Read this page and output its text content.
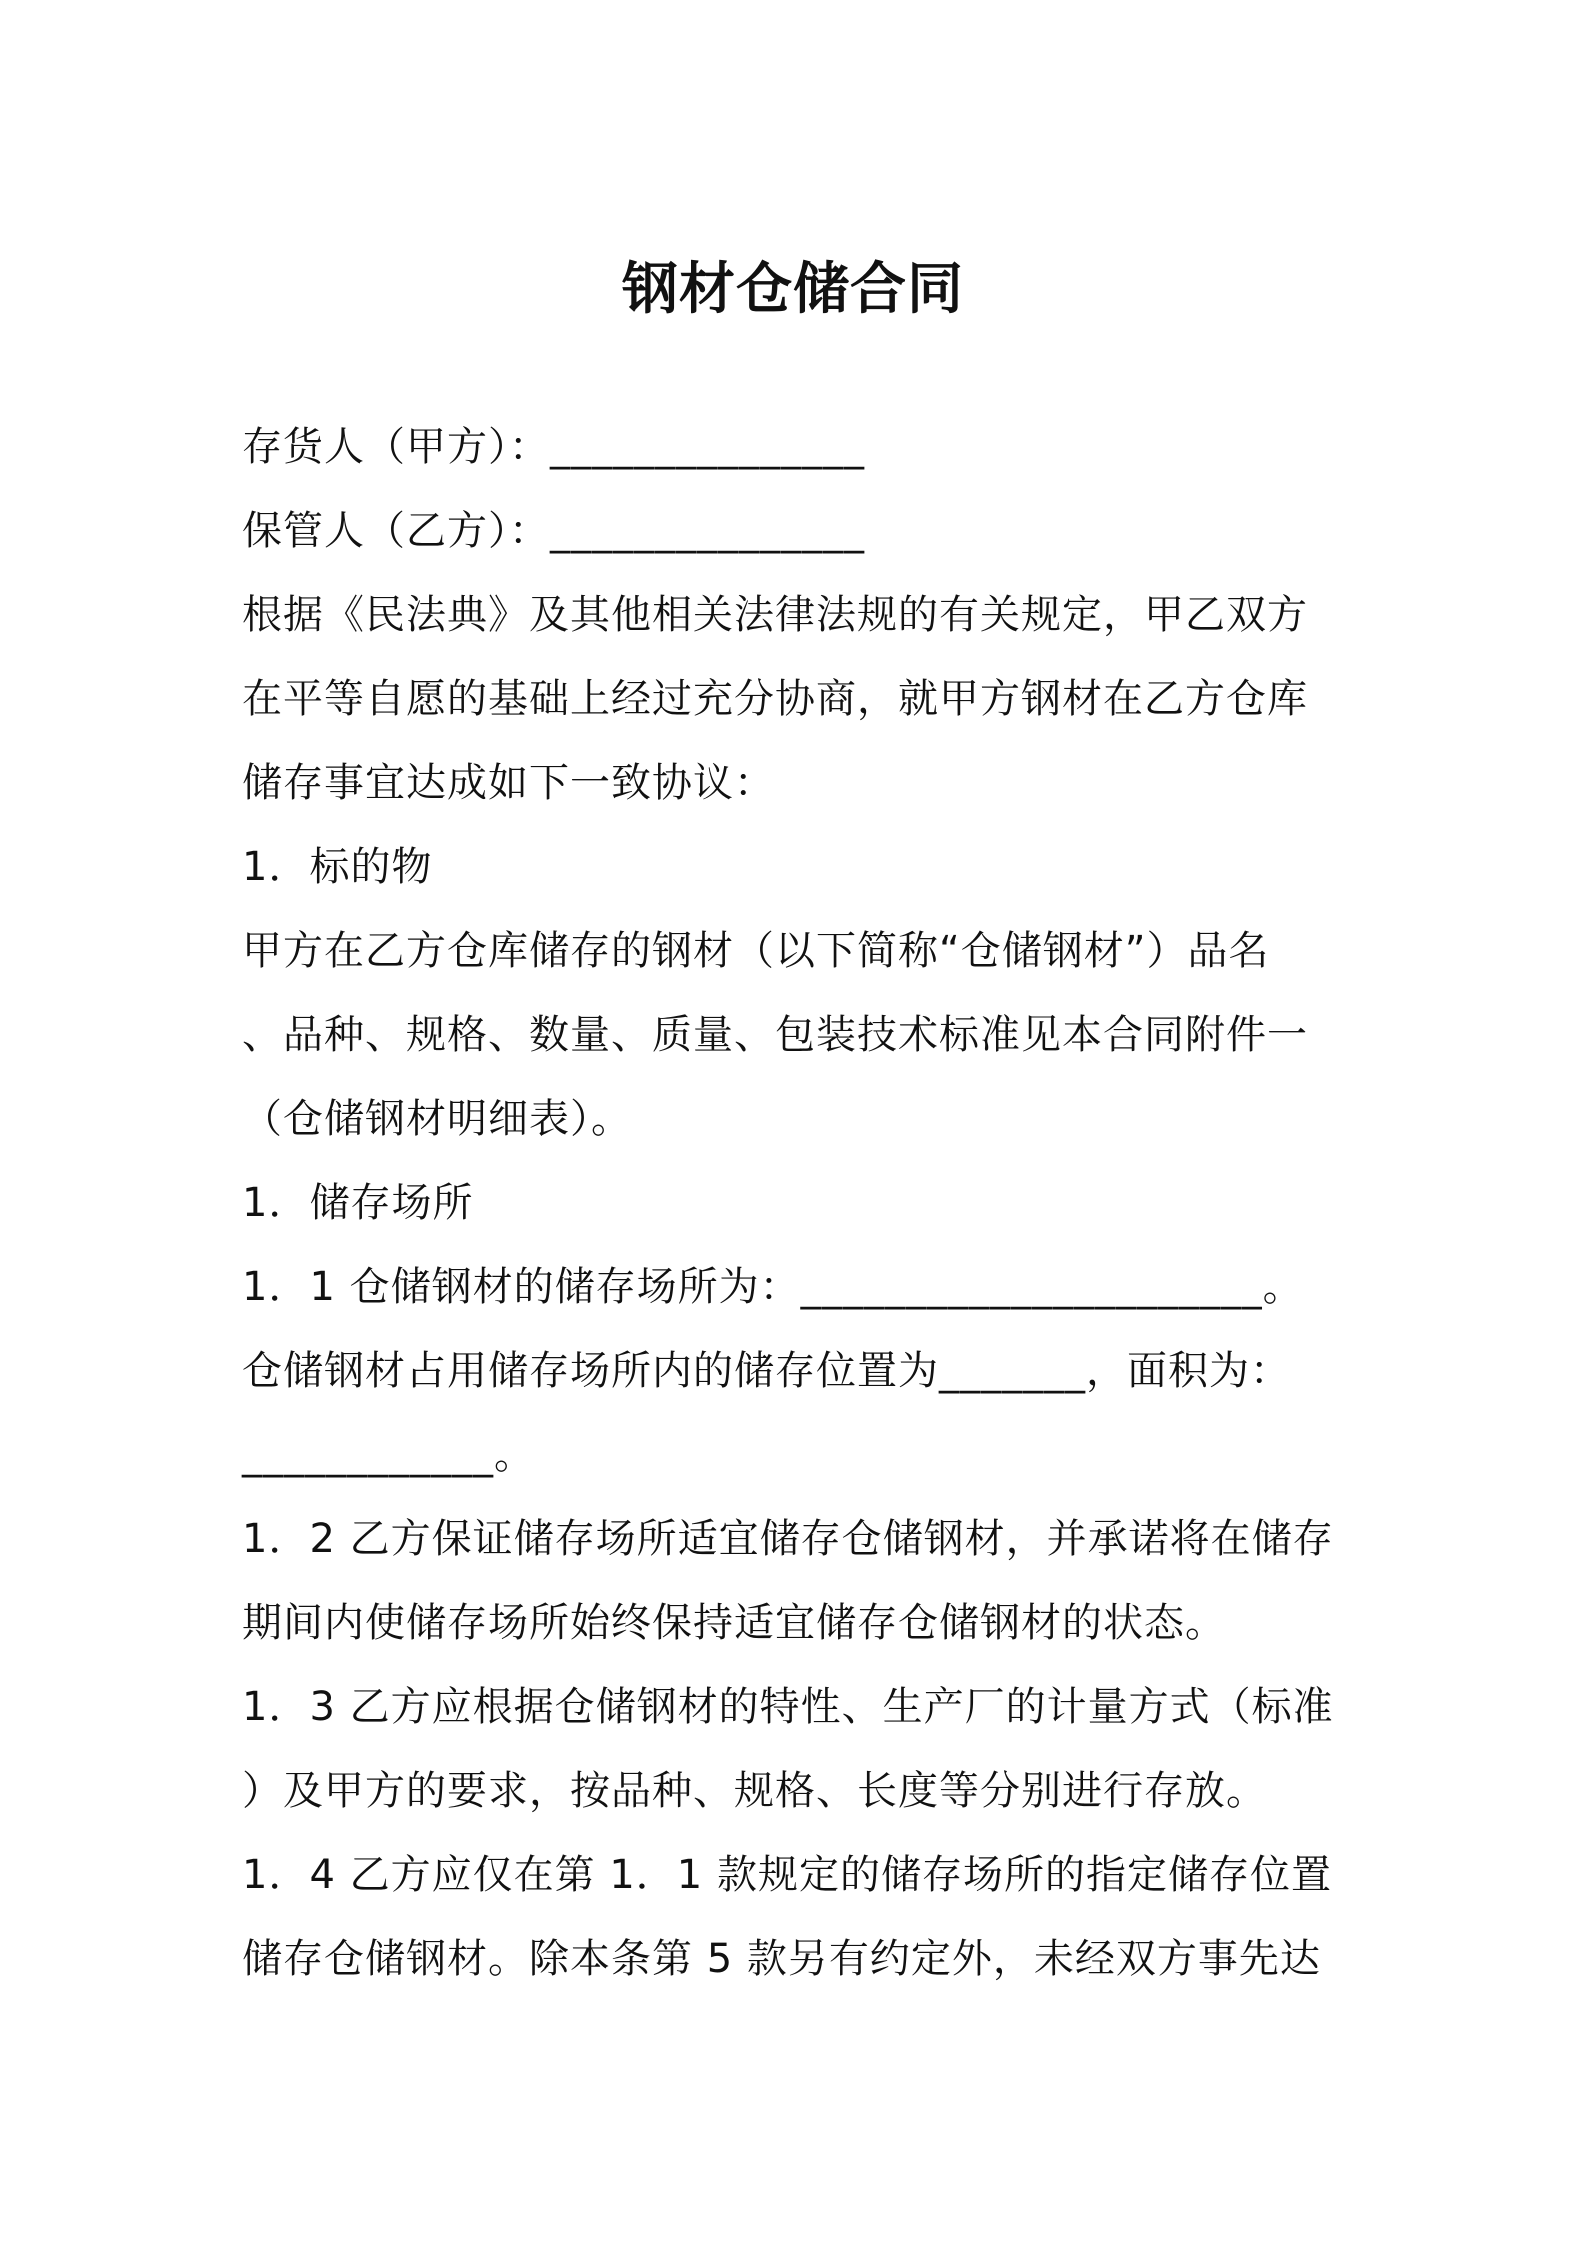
钢材仓储合同
存货人（甲方）：_______________
保管人（乙方）：_______________
根据《民法典》及其他相关法律法规的有关规定，甲乙双方
在平等自愿的基础上经过充分协商，就甲方钢材在乙方仓库
储存事宜达成如下一致协议：
1．标的物
甲方在乙方仓库储存的钢材（以下简称“仓储钢材”）品名
、品种、规格、数量、质量、包装技术标准见本合同附件一
（仓储钢材明细表）。
1．储存场所
1．1 仓储钢材的储存场所为：______________________。
仓储钢材占用储存场所内的储存位置为_______，面积为：
____________。
1．2 乙方保证储存场所适宜储存仓储钢材，并承诺将在储存
期间内使储存场所始终保持适宜储存仓储钢材的状态。
1．3 乙方应根据仓储钢材的特性、生产厂的计量方式（标准
）及甲方的要求，按品种、规格、长度等分别进行存放。
1．4 乙方应仅在第 1．1 款规定的储存场所的指定储存位置
储存仓储钢材。除本条第 5 款另有约定外，未经双方事先达
